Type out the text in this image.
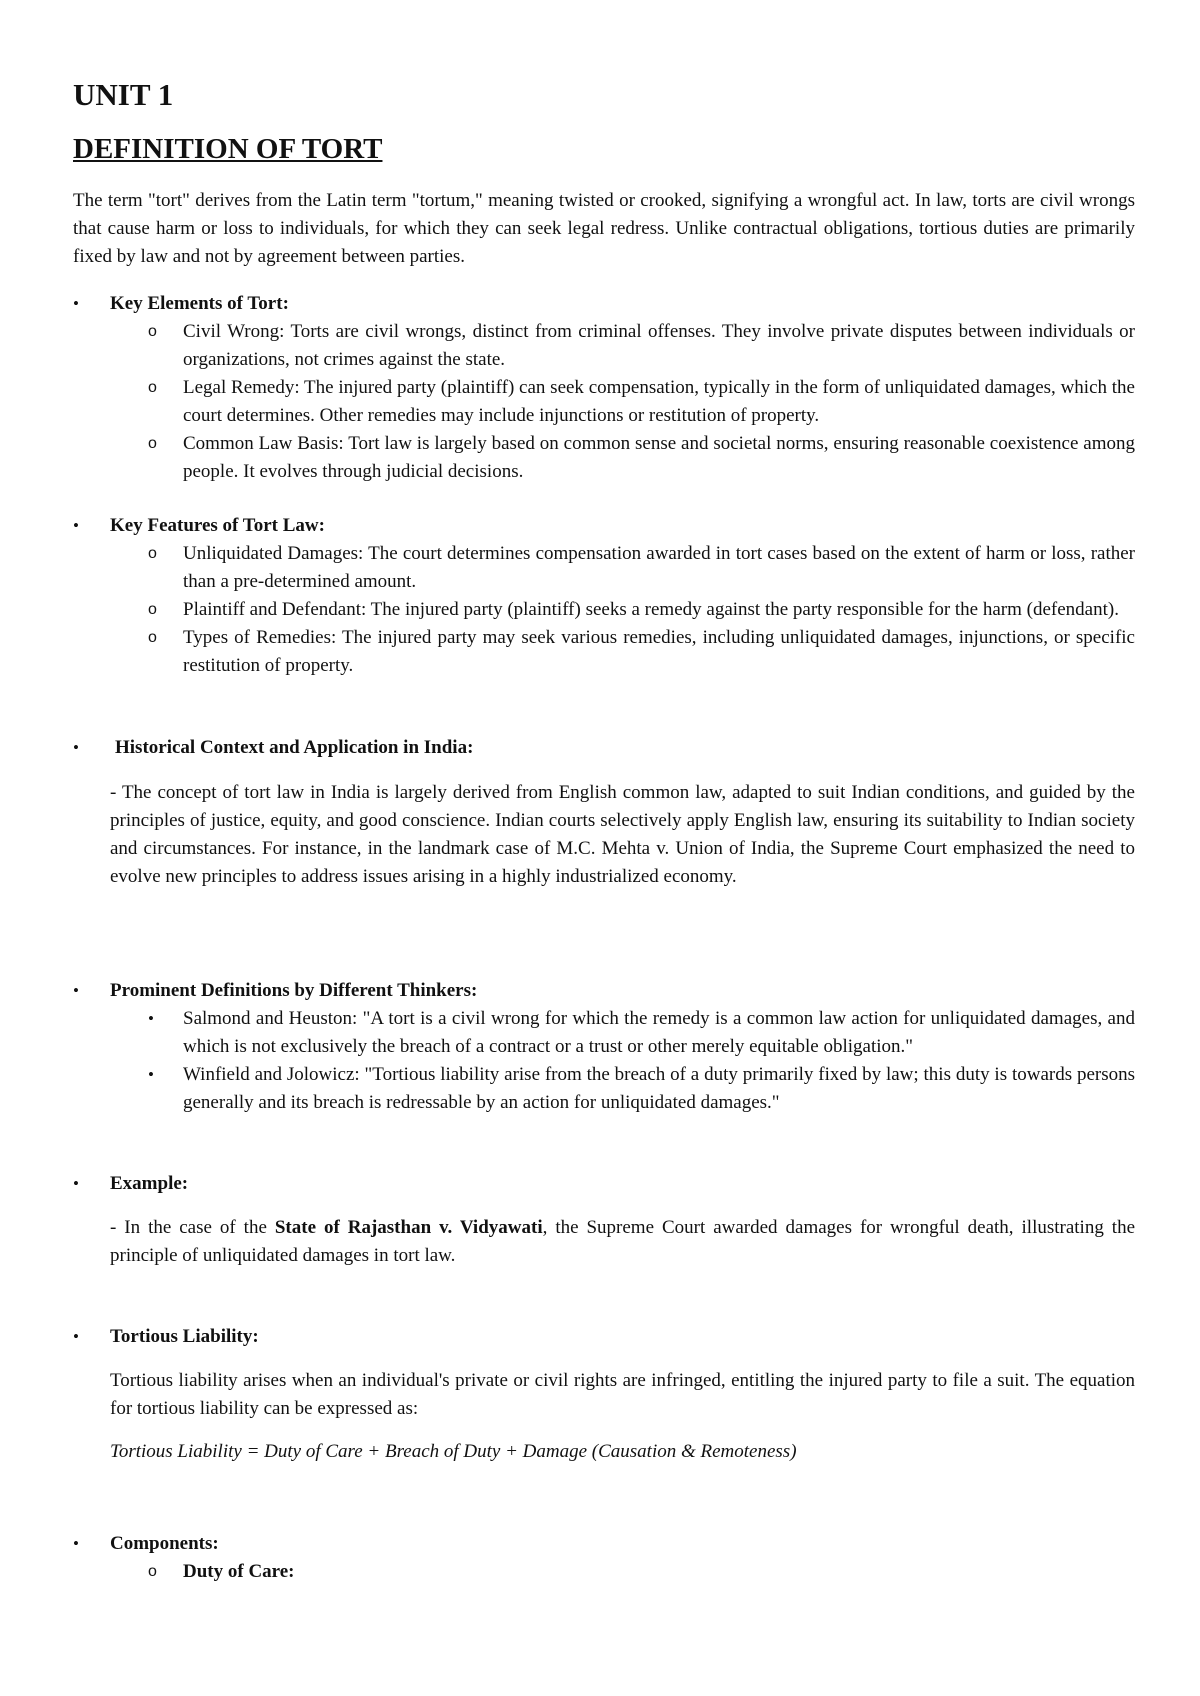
UNIT 1
DEFINITION OF TORT

The term "tort" derives from the Latin term "tortum," meaning twisted or crooked, signifying a wrongful act. In law, torts are civil wrongs that cause harm or loss to individuals, for which they can seek legal redress. Unlike contractual obligations, tortious duties are primarily fixed by law and not by agreement between parties.

• Key Elements of Tort:

o Civil Wrong: Torts are civil wrongs, distinct from criminal offenses. They involve private disputes between individuals or organizations, not crimes against the state.

o Legal Remedy: The injured party (plaintiff) can seek compensation, typically in the form of unliquidated damages, which the court determines. Other remedies may include injunctions or restitution of property.

o Common Law Basis: Tort law is largely based on common sense and societal norms, ensuring reasonable coexistence among people. It evolves through judicial decisions.

• Key Features of Tort Law:

o Unliquidated Damages: The court determines compensation awarded in tort cases based on the extent of harm or loss, rather than a pre-determined amount.

o Plaintiff and Defendant: The injured party (plaintiff) seeks a remedy against the party responsible for the harm (defendant).

o Types of Remedies: The injured party may seek various remedies, including unliquidated damages, injunctions, or specific restitution of property.

• Historical Context and Application in India:

- The concept of tort law in India is largely derived from English common law, adapted to suit Indian conditions, and guided by the principles of justice, equity, and good conscience. Indian courts selectively apply English law, ensuring its suitability to Indian society and circumstances. For instance, in the landmark case of M.C. Mehta v. Union of India, the Supreme Court emphasized the need to evolve new principles to address issues arising in a highly industrialized economy.

• Prominent Definitions by Different Thinkers:

• Salmond and Heuston: "A tort is a civil wrong for which the remedy is a common law action for unliquidated damages, and which is not exclusively the breach of a contract or a trust or other merely equitable obligation."

• Winfield and Jolowicz: "Tortious liability arise from the breach of a duty primarily fixed by law; this duty is towards persons generally and its breach is redressable by an action for unliquidated damages."

• Example:

- In the case of the State of Rajasthan v. Vidyawati, the Supreme Court awarded damages for wrongful death, illustrating the principle of unliquidated damages in tort law.

• Tortious Liability:

Tortious liability arises when an individual's private or civil rights are infringed, entitling the injured party to file a suit. The equation for tortious liability can be expressed as:

Tortious Liability = Duty of Care + Breach of Duty + Damage (Causation & Remoteness)

• Components:

o Duty of Care:
